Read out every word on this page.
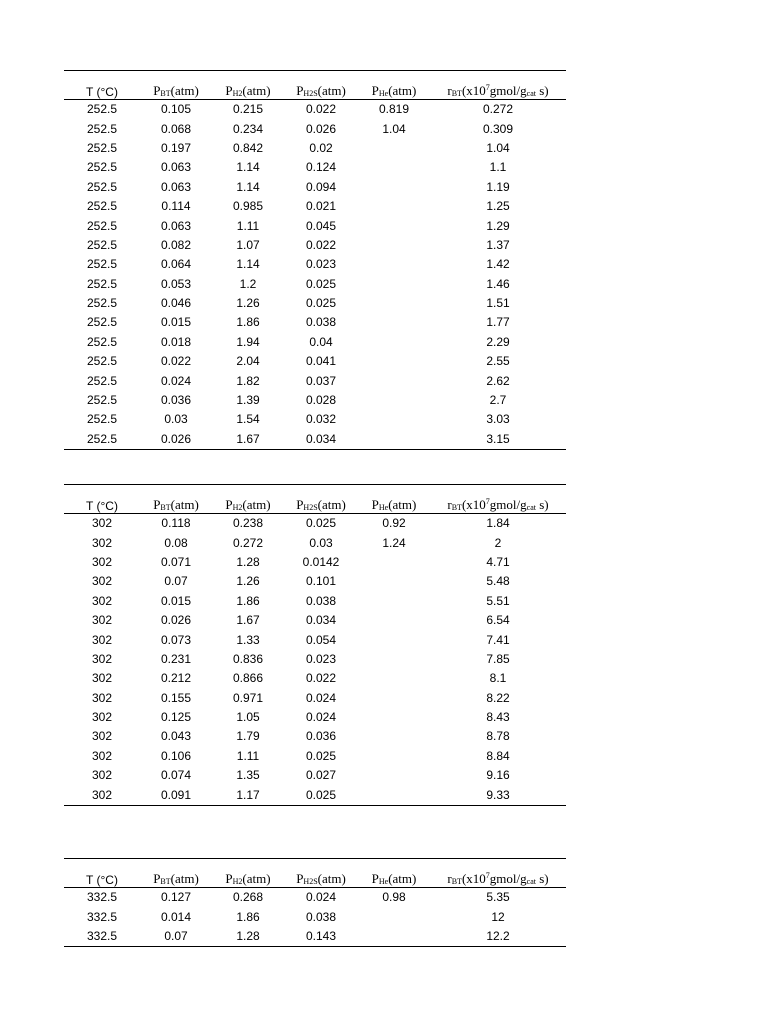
T (°C)	$P_{BT}(atm)$	$P_{H2}(atm)$	$P_{H2S}(atm)$	$P_{He}(atm)$	$r_{BT}(x10^7gmol/g_{cat}$ s)
252.5	0.105	0.215	0.022	0.819	0.272
252.5	0.068	0.234	0.026	1.04	0.309
252.5	0.197	0.842	0.02		1.04
252.5	0.063	1.14	0.124		1.1
252.5	0.063	1.14	0.094		1.19
252.5	0.114	0.985	0.021		1.25
252.5	0.063	1.11	0.045		1.29
252.5	0.082	1.07	0.022		1.37
252.5	0.064	1.14	0.023		1.42
252.5	0.053	1.2	0.025		1.46
252.5	0.046	1.26	0.025		1.51
252.5	0.015	1.86	0.038		1.77
252.5	0.018	1.94	0.04		2.29
252.5	0.022	2.04	0.041		2.55
252.5	0.024	1.82	0.037		2.62
252.5	0.036	1.39	0.028		2.7
252.5	0.03	1.54	0.032		3.03
252.5	0.026	1.67	0.034		3.15
T (°C)	$P_{BT}(atm)$	$P_{H2}(atm)$	$P_{H2S}(atm)$	$P_{He}(atm)$	$r_{BT}(x10^7gmol/g_{cat}$ s)
302	0.118	0.238	0.025	0.92	1.84
302	0.08	0.272	0.03	1.24	2
302	0.071	1.28	0.0142		4.71
302	0.07	1.26	0.101		5.48
302	0.015	1.86	0.038		5.51
302	0.026	1.67	0.034		6.54
302	0.073	1.33	0.054		7.41
302	0.231	0.836	0.023		7.85
302	0.212	0.866	0.022		8.1
302	0.155	0.971	0.024		8.22
302	0.125	1.05	0.024		8.43
302	0.043	1.79	0.036		8.78
302	0.106	1.11	0.025		8.84
302	0.074	1.35	0.027		9.16
302	0.091	1.17	0.025		9.33
T (°C)	$P_{BT}(atm)$	$P_{H2}(atm)$	$P_{H2S}(atm)$	$P_{He}(atm)$	$r_{BT}(x10^7gmol/g_{cat}$ s)
332.5	0.127	0.268	0.024	0.98	5.35
332.5	0.014	1.86	0.038		12
332.5	0.07	1.28	0.143		12.2
